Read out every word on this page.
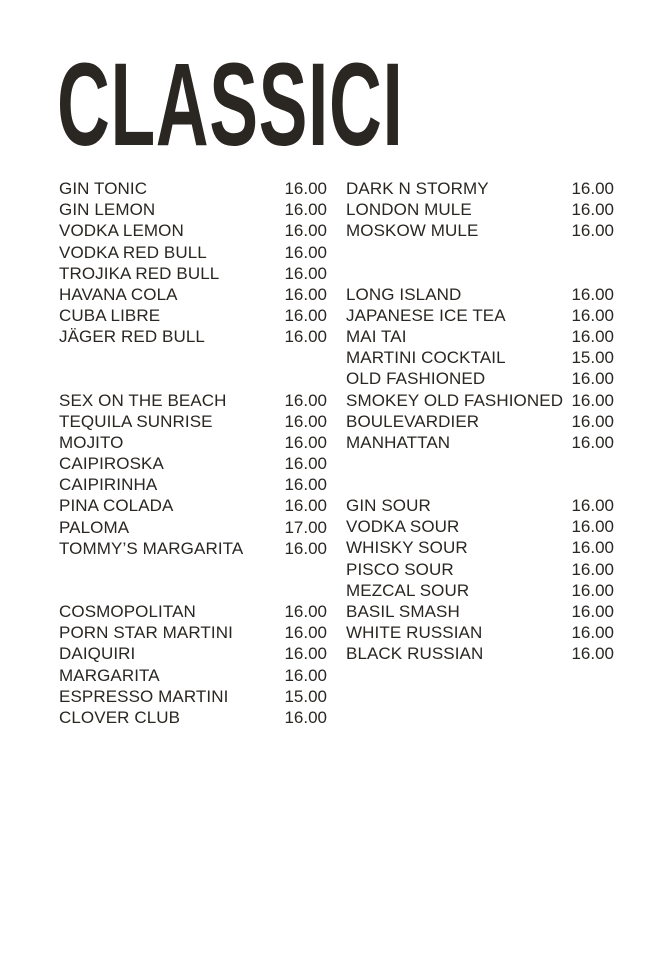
CLASSICI
GIN TONIC	16.00
GIN LEMON	16.00
VODKA LEMON	16.00
VODKA RED BULL	16.00
TROJIKA RED BULL	16.00
HAVANA COLA	16.00
CUBA LIBRE	16.00
JÄGER RED BULL	16.00
SEX ON THE BEACH	16.00
TEQUILA SUNRISE	16.00
MOJITO	16.00
CAIPIROSKA	16.00
CAIPIRINHA	16.00
PINA COLADA	16.00
PALOMA	17.00
TOMMY’S MARGARITA 16.00
COSMOPOLITAN	16.00
PORN STAR MARTINI	16.00
DAIQUIRI	16.00
MARGARITA	16.00
ESPRESSO MARTINI	15.00
CLOVER CLUB	16.00
DARK N STORMY	16.00
LONDON MULE	16.00
MOSKOW MULE	16.00
LONG ISLAND	16.00
JAPANESE ICE TEA	16.00
MAI TAI	16.00
MARTINI COCKTAIL	15.00
OLD FASHIONED	16.00
SMOKEY OLD FASHIONED 16.00
BOULEVARDIER	16.00
MANHATTAN	16.00
GIN SOUR	16.00
VODKA SOUR	16.00
WHISKY SOUR	16.00
PISCO SOUR	16.00
MEZCAL SOUR	16.00
BASIL SMASH	16.00
WHITE RUSSIAN	16.00
BLACK RUSSIAN	16.00
